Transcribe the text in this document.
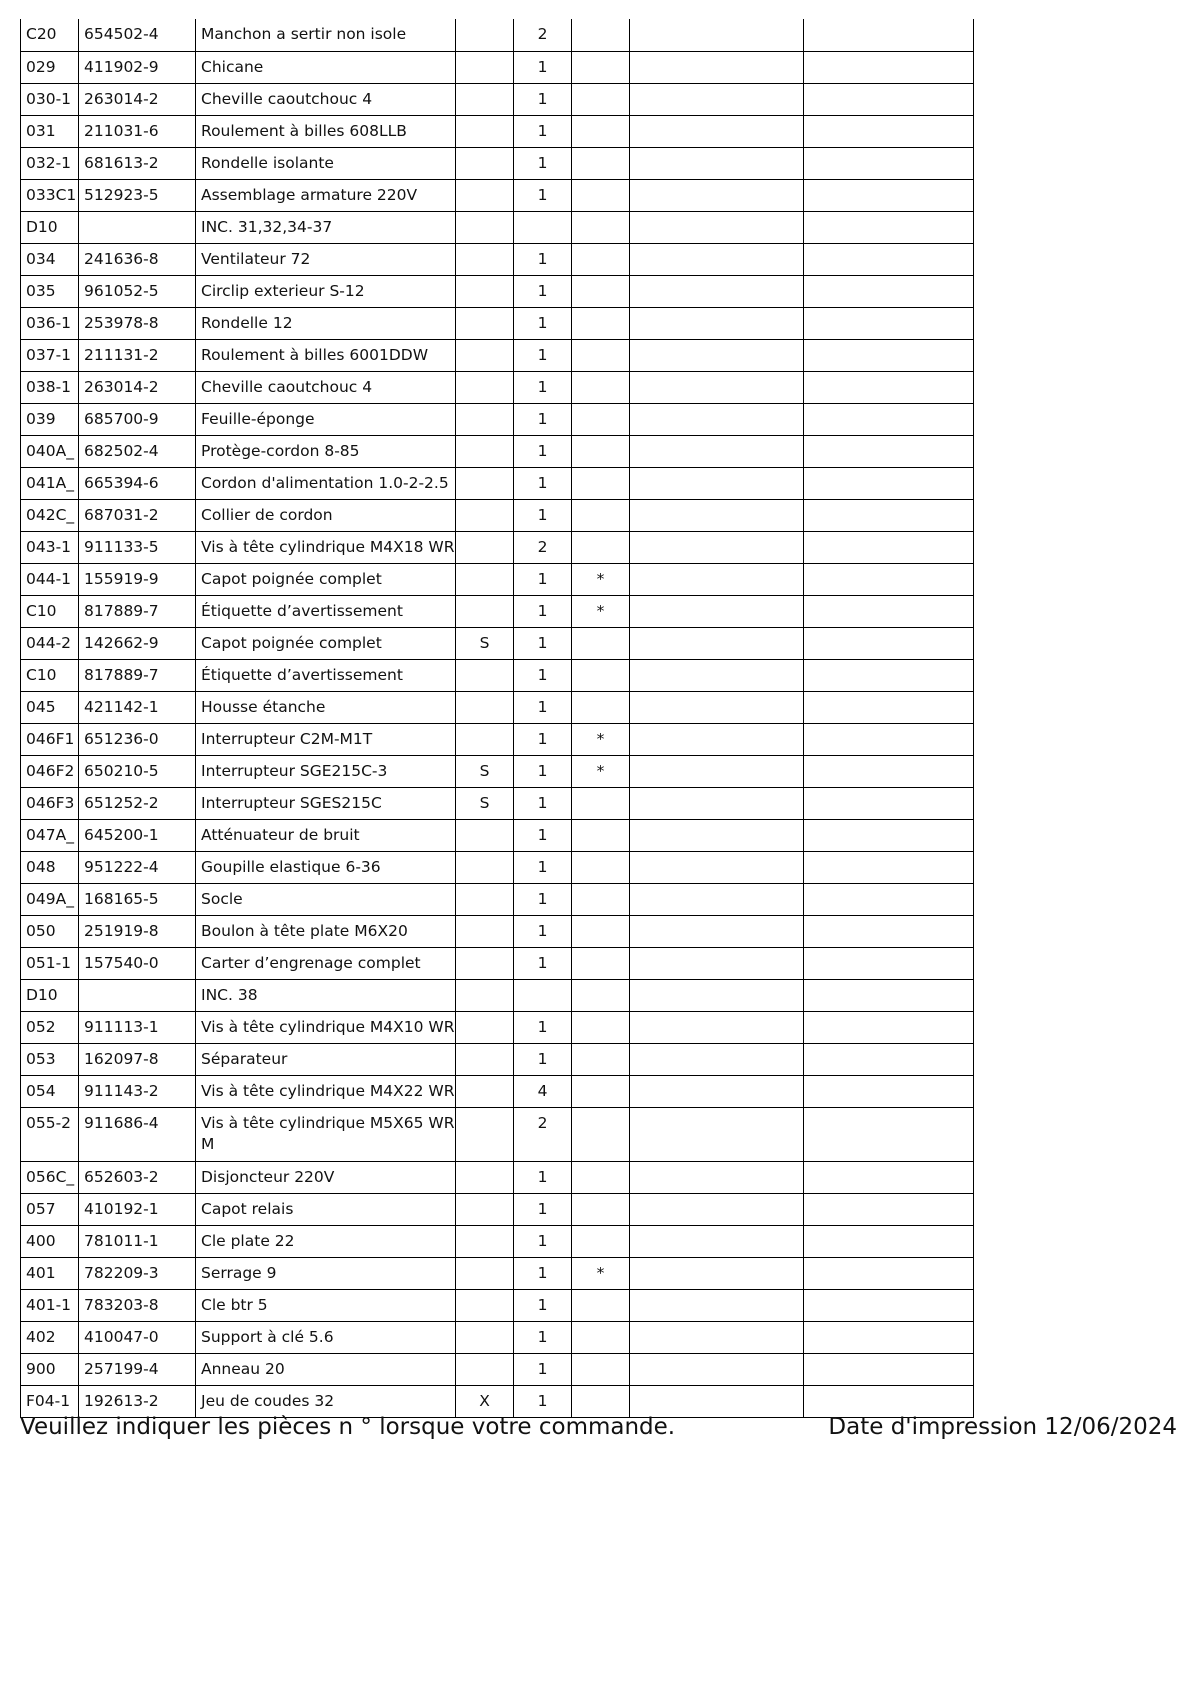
C20	654502-4	Manchon a sertir non isole		2			
029	411902-9	Chicane		1			
030-1	263014-2	Cheville caoutchouc 4		1			
031	211031-6	Roulement à billes 608LLB		1			
032-1	681613-2	Rondelle isolante		1			
033C1	512923-5	Assemblage armature 220V		1			
D10		INC. 31,32,34-37					
034	241636-8	Ventilateur 72		1			
035	961052-5	Circlip exterieur S-12		1			
036-1	253978-8	Rondelle 12		1			
037-1	211131-2	Roulement à billes 6001DDW		1			
038-1	263014-2	Cheville caoutchouc 4		1			
039	685700-9	Feuille-éponge		1			
040A_	682502-4	Protège-cordon 8-85		1			
041A_	665394-6	Cordon d'alimentation 1.0-2-2.5		1			
042C_	687031-2	Collier de cordon		1			
043-1	911133-5	Vis à tête cylindrique M4X18 WR		2			
044-1	155919-9	Capot poignée complet		1	*		
C10	817889-7	Étiquette d’avertissement		1	*		
044-2	142662-9	Capot poignée complet	S	1			
C10	817889-7	Étiquette d’avertissement		1			
045	421142-1	Housse étanche		1			
046F1	651236-0	Interrupteur C2M-M1T		1	*		
046F2	650210-5	Interrupteur SGE215C-3	S	1	*		
046F3	651252-2	Interrupteur SGES215C	S	1			
047A_	645200-1	Atténuateur de bruit		1			
048	951222-4	Goupille elastique 6-36		1			
049A_	168165-5	Socle		1			
050	251919-8	Boulon à tête plate M6X20		1			
051-1	157540-0	Carter d’engrenage complet		1			
D10		INC. 38					
052	911113-1	Vis à tête cylindrique M4X10 WR		1			
053	162097-8	Séparateur		1			
054	911143-2	Vis à tête cylindrique M4X22 WR		4			
055-2	911686-4	Vis à tête cylindrique M5X65 WR M		2			
056C_	652603-2	Disjoncteur 220V		1			
057	410192-1	Capot relais		1			
400	781011-1	Cle plate 22		1			
401	782209-3	Serrage 9		1	*		
401-1	783203-8	Cle btr 5		1			
402	410047-0	Support à clé 5.6		1			
900	257199-4	Anneau 20		1			
F04-1	192613-2	Jeu de coudes 32	X	1			
Veuillez indiquer les pièces n ° lorsque votre commande.	Date d'impression 12/06/2024
